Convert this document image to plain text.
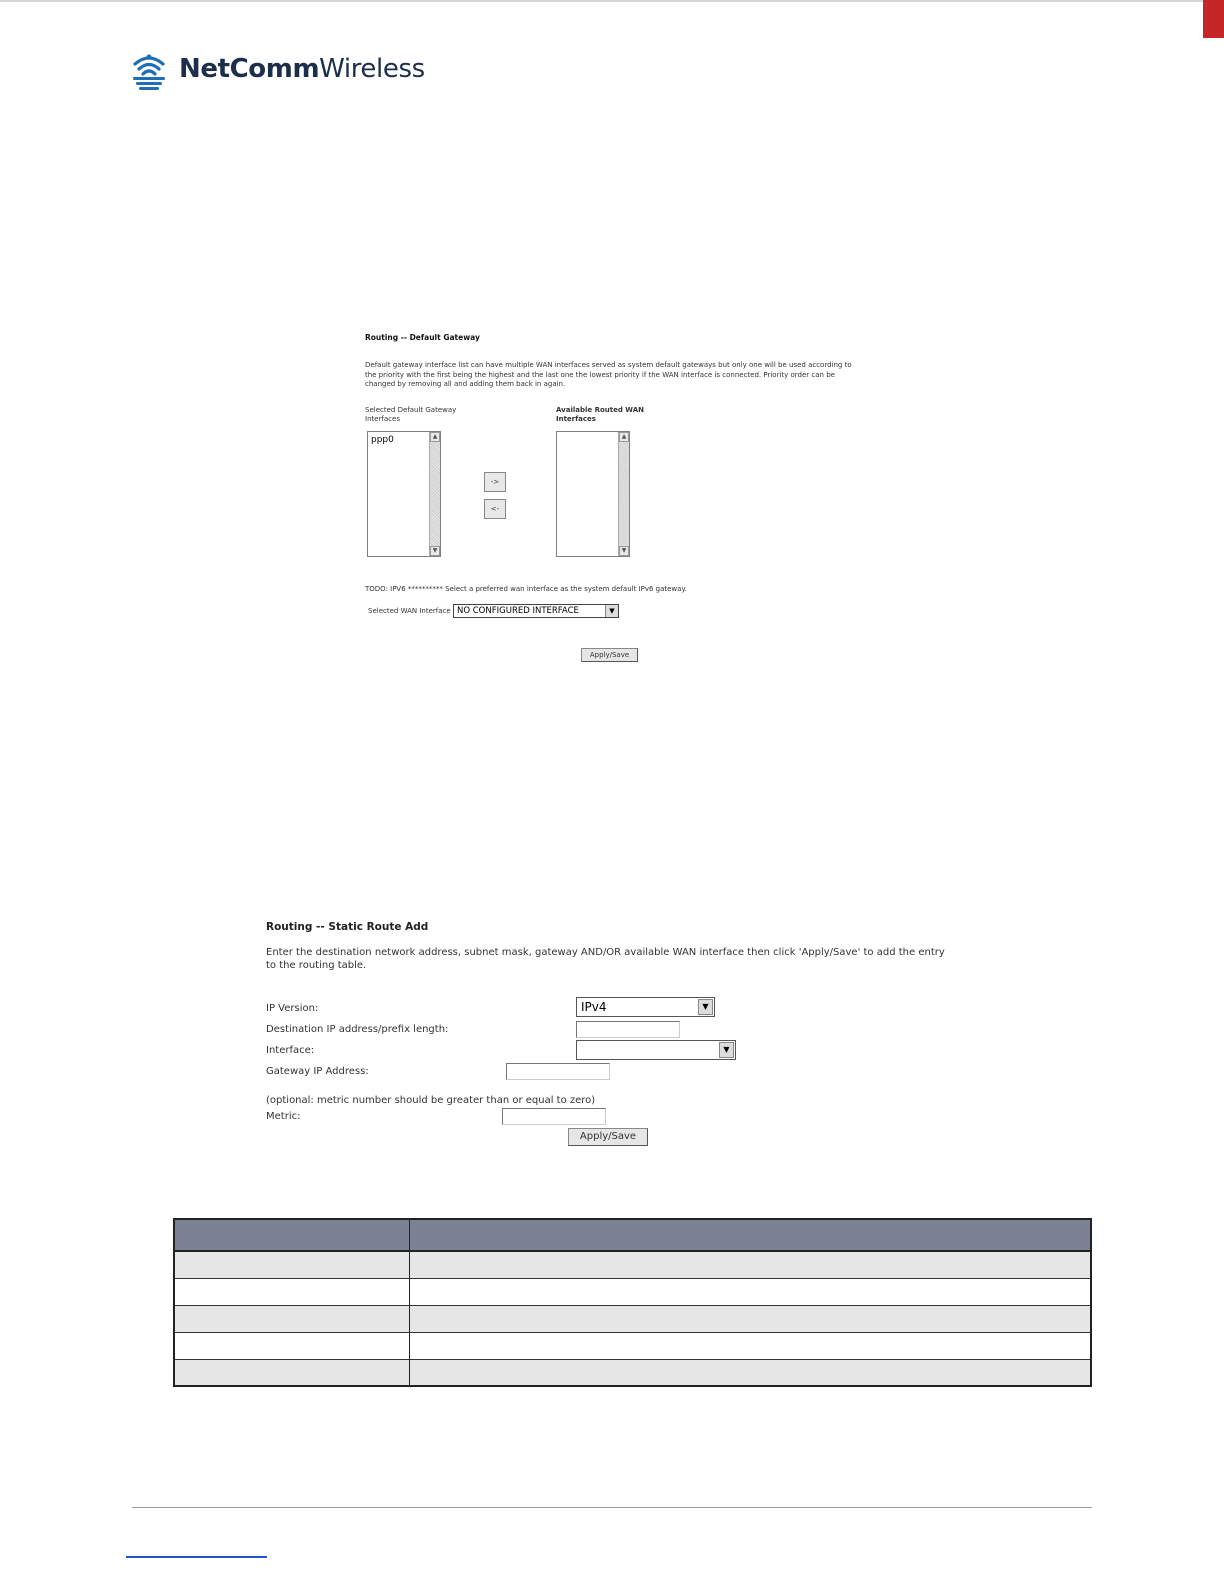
NetCommWireless
Routing -- Default Gateway
Default gateway interface list can have multiple WAN interfaces served as system default gateways but only one will be used according to the priority with the first being the highest and the last one the lowest priority if the WAN interface is connected. Priority order can be changed by removing all and adding them back in again.
Selected Default Gateway Interfaces
Available Routed WAN Interfaces
ppp0	▲
▼
->
<-
▲
▼
TODO: IPV6 ********** Select a preferred wan interface as the system default IPv6 gateway.
Selected WAN Interface NO CONFIGURED INTERFACE	▼
Apply/Save
Routing -- Static Route Add
Enter the destination network address, subnet mask, gateway AND/OR available WAN interface then click 'Apply/Save' to add the entry to the routing table.
IP Version:	IPv4	▼
Destination IP address/prefix length:
Interface:	▼
Gateway IP Address:
(optional: metric number should be greater than or equal to zero)
Metric:
Apply/Save
